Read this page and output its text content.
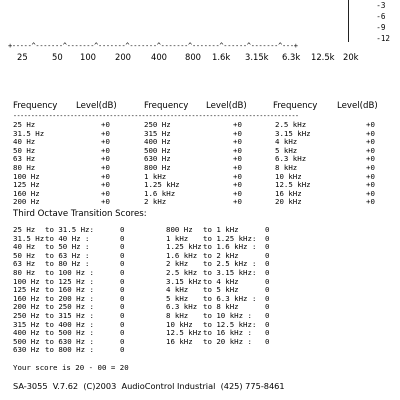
-3
-6
-9
-12
+-----^-------^-------^-------^-------^-------^-------^------^-------^---+
25	50 100 200 400 800 1.6k 3.15k 6.3k 12.5k 20k
Frequency Level(dB)	Frequency Level(dB)	Frequency Level(dB)
--------------------------------------------------------------------------------
25 Hz	+0
31.5 Hz	+0
40 Hz	+0
50 Hz	+0
63 Hz	+0
80 Hz	+0
100 Hz	+0
125 Hz	+0
160 Hz	+0
200 Hz	+0
250 Hz	+0
315 Hz	+0
400 Hz	+0
500 Hz	+0
630 Hz	+0
800 Hz	+0
1 kHz	+0
1.25 kHz	+0
1.6 kHz	+0
2 kHz	+0
2.5 kHz	+0
3.15 kHz	+0
4 kHz	+0
5 kHz	+0
6.3 kHz	+0
8 kHz	+0
10 kHz	+0
12.5 kHz	+0
16 kHz	+0
20 kHz	+0
Third Octave Transition Scores:
25 Hz to 31.5 Hz:	0
31.5 Hz to 40 Hz :	0
40 Hz to 50 Hz :	0
50 Hz to 63 Hz :	0
63 Hz to 80 Hz :	0
80 Hz to 100 Hz :	0
100 Hz to 125 Hz :	0
125 Hz to 160 Hz :	0
160 Hz to 200 Hz :	0
200 Hz to 250 Hz :	0
250 Hz to 315 Hz :	0
315 Hz to 400 Hz :	0
400 Hz to 500 Hz :	0
500 Hz to 630 Hz :	0
630 Hz to 800 Hz :	0
800 Hz to 1 kHz	0
1 kHz to 1.25 kHz: 0
1.25 kHz to 1.6 kHz : 0
1.6 kHz to 2 kHz	0
2 kHz to 2.5 kHz : 0
2.5 kHz to 3.15 kHz: 0
3.15 kHz to 4 kHz	0
4 kHz to 5 kHz	0
5 kHz to 6.3 kHz : 0
6.3 kHz to 8 kHz	0
8 kHz to 10 kHz : 0
10 kHz to 12.5 kHz: 0
12.5 kHz to 16 kHz : 0
16 kHz to 20 kHz : 0
Your score is 20 - 00 = 20
SA-3055  V.7.62  (C)2003  AudioControl Industrial  (425) 775-8461
